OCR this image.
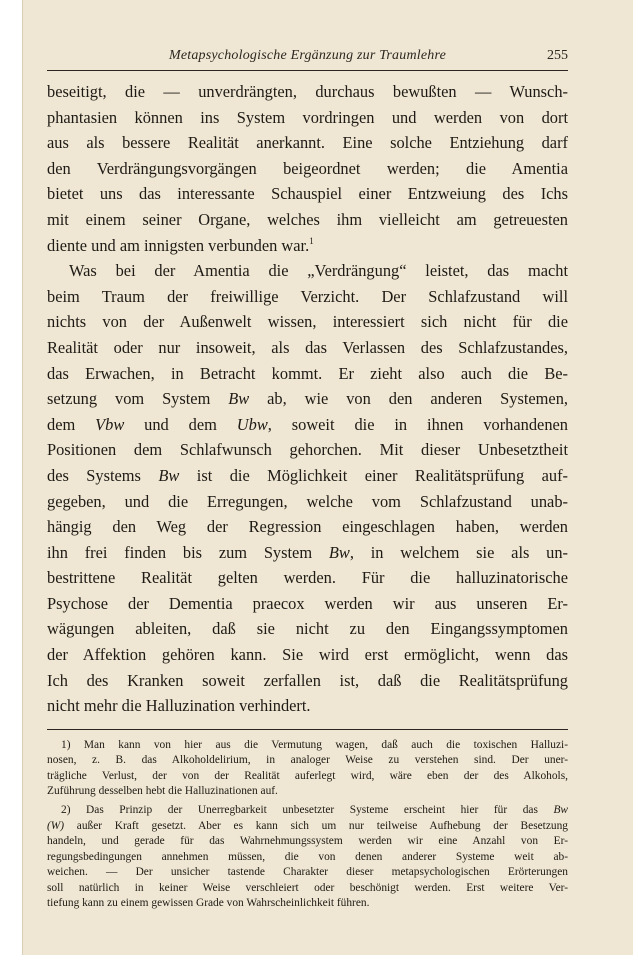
Metapsychologische Ergänzung zur Traumlehre	255

beseitigt, die — unverdrängten, durchaus bewußten — Wunsch-
phantasien können ins System vordringen und werden von dort
aus als bessere Realität anerkannt. Eine solche Entziehung darf
den Verdrängungsvorgängen beigeordnet werden; die Amentia
bietet uns das interessante Schauspiel einer Entzweiung des Ichs
mit einem seiner Organe, welches ihm vielleicht am getreuesten
diente und am innigsten verbunden war.$^1$

Was bei der Amentia die „Verdrängung“ leistet, das macht
beim Traum der freiwillige Verzicht. Der Schlafzustand will
nichts von der Außenwelt wissen, interessiert sich nicht für die
Realität oder nur insoweit, als das Verlassen des Schlafzustandes,
das Erwachen, in Betracht kommt. Er zieht also auch die Be-
setzung vom System Bw ab, wie von den anderen Systemen,
dem Vbw und dem Ubw, soweit die in ihnen vorhandenen
Positionen dem Schlafwunsch gehorchen. Mit dieser Unbesetztheit
des Systems Bw ist die Möglichkeit einer Realitätsprüfung auf-
gegeben, und die Erregungen, welche vom Schlafzustand unab-
hängig den Weg der Regression eingeschlagen haben, werden
ihn frei finden bis zum System Bw, in welchem sie als un-
bestrittene Realität gelten werden. Für die halluzinatorische
Psychose der Dementia praecox werden wir aus unseren Er-
wägungen ableiten, daß sie nicht zu den Eingangssymptomen
der Affektion gehören kann. Sie wird erst ermöglicht, wenn das
Ich des Kranken soweit zerfallen ist, daß die Realitätsprüfung
nicht mehr die Halluzination verhindert.

1) Man kann von hier aus die Vermutung wagen, daß auch die toxischen Halluzi-
nosen, z. B. das Alkoholdelirium, in analoger Weise zu verstehen sind. Der uner-
trägliche Verlust, der von der Realität auferlegt wird, wäre eben der des Alkohols,
Zuführung desselben hebt die Halluzinationen auf.
2) Das Prinzip der Unerregbarkeit unbesetzter Systeme erscheint hier für das Bw
(W) außer Kraft gesetzt. Aber es kann sich um nur teilweise Aufhebung der Besetzung
handeln, und gerade für das Wahrnehmungssystem werden wir eine Anzahl von Er-
regungsbedingungen annehmen müssen, die von denen anderer Systeme weit ab-
weichen. — Der unsicher tastende Charakter dieser metapsychologischen Erörterungen
soll natürlich in keiner Weise verschleiert oder beschönigt werden. Erst weitere Ver-
tiefung kann zu einem gewissen Grade von Wahrscheinlichkeit führen.
